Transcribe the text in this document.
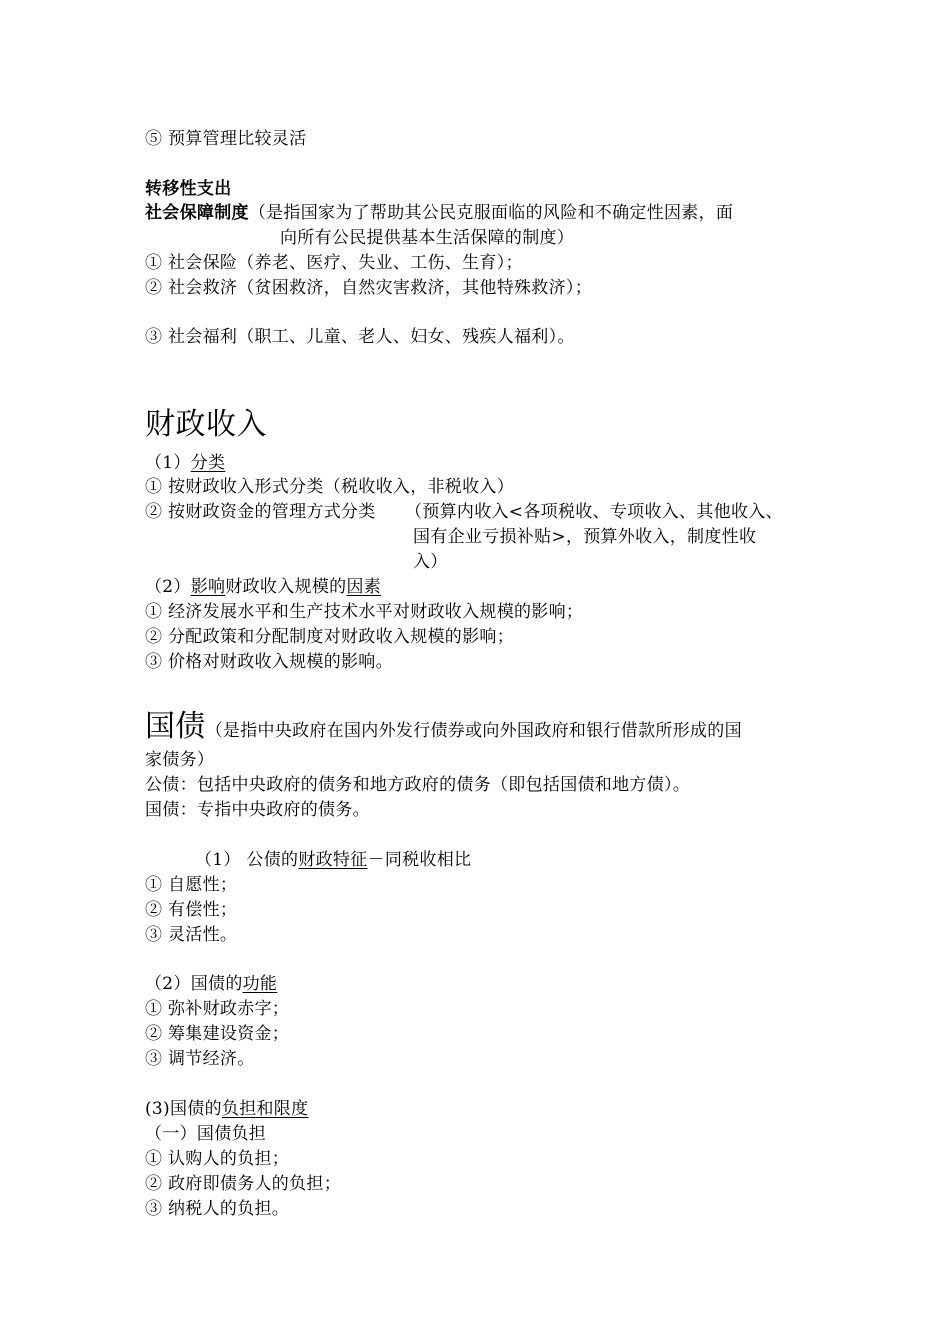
⑤ 预算管理比较灵活
转移性支出
社会保障制度（是指国家为了帮助其公民克服面临的风险和不确定性因素，面
向所有公民提供基本生活保障的制度）
① 社会保险（养老、医疗、失业、工伤、生育）；
② 社会救济（贫困救济，自然灾害救济，其他特殊救济）；
③ 社会福利（职工、儿童、老人、妇女、残疾人福利）。
财政收入
（1）分类
① 按财政收入形式分类（税收收入，非税收入）
② 按财政资金的管理方式分类 （预算内收入<各项税收、专项收入、其他收入、
国有企业亏损补贴>，预算外收入，制度性收
入）
（2）影响财政收入规模的因素
① 经济发展水平和生产技术水平对财政收入规模的影响；
② 分配政策和分配制度对财政收入规模的影响；
③ 价格对财政收入规模的影响。
国债（是指中央政府在国内外发行债券或向外国政府和银行借款所形成的国
家债务）
公债：包括中央政府的债务和地方政府的债务（即包括国债和地方债）。
国债：专指中央政府的债务。
（1） 公债的财政特征－同税收相比
① 自愿性；
② 有偿性；
③ 灵活性。
（2）国债的功能
① 弥补财政赤字；
② 筹集建设资金；
③ 调节经济。
(3)国债的负担和限度
（一）国债负担
① 认购人的负担；
② 政府即债务人的负担；
③ 纳税人的负担。
